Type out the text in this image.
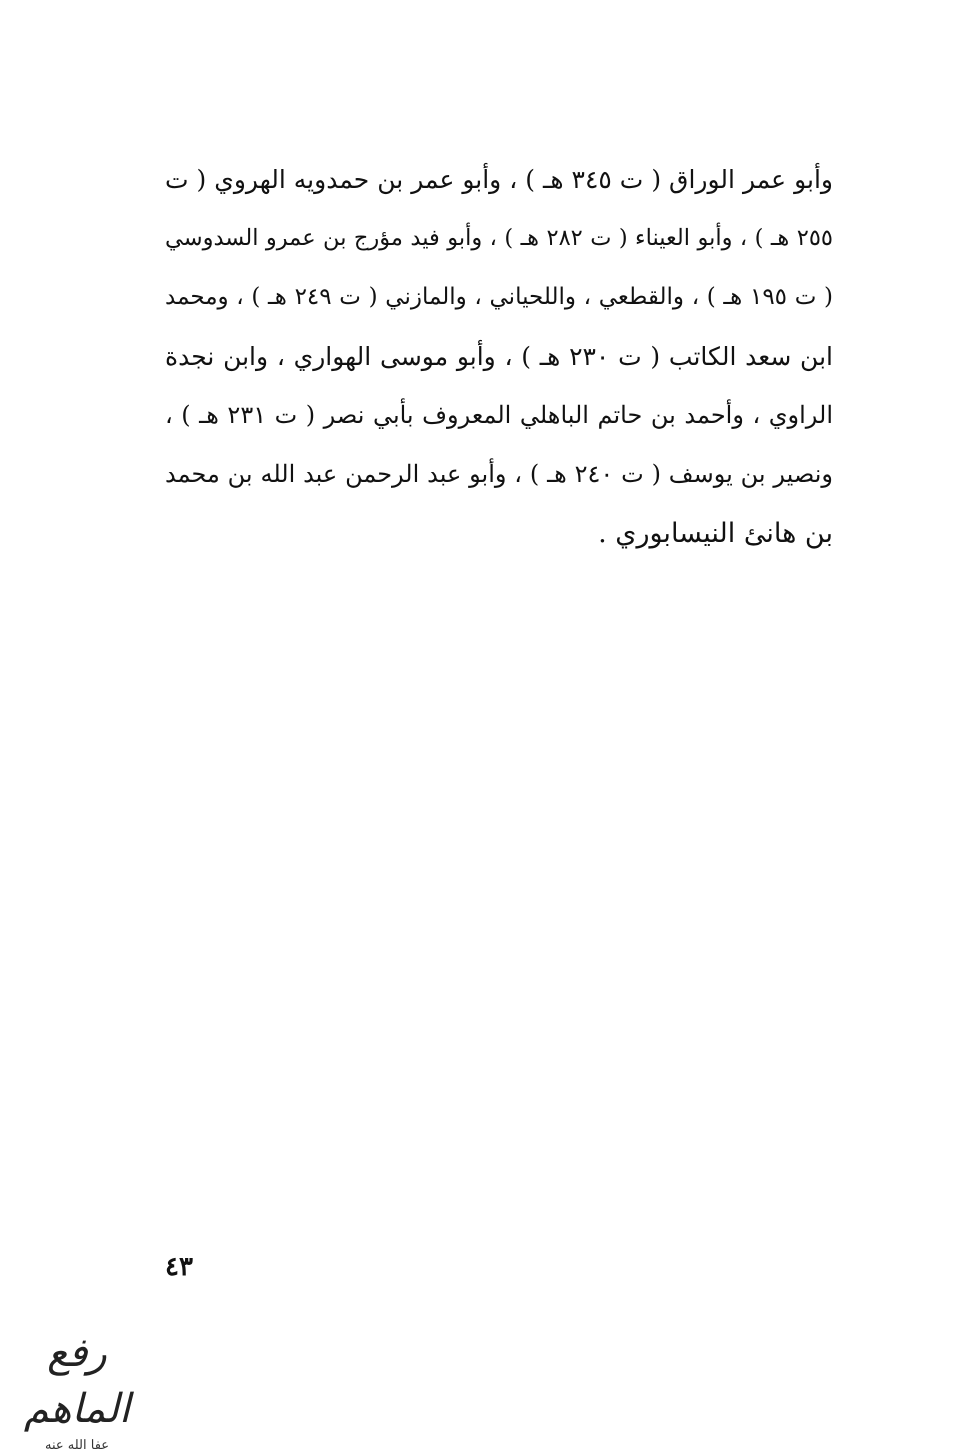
وأبو عمر الوراق ( ت ٣٤٥ هـ ) ، وأبو عمر بن حمدويه الهروي ( ت
٢٥٥ هـ ) ، وأبو العيناء ( ت ٢٨٢ هـ ) ، وأبو فيد مؤرج بن عمرو السدوسي
( ت ١٩٥ هـ ) ، والقطعي ، واللحياني ، والمازني ( ت ٢٤٩ هـ ) ، ومحمد
ابن سعد الكاتب ( ت ٢٣٠ هـ ) ، وأبو موسى الهواري ، وابن نجدة
الراوي ، وأحمد بن حاتم الباهلي المعروف بأبي نصر ( ت ٢٣١ هـ ) ،
ونصير بن يوسف ( ت ٢٤٠ هـ ) ، وأبو عبد الرحمن عبد الله بن محمد
بن هانئ النيسابوري .
٤٣
رفع الماهم
عفا الله عنه
